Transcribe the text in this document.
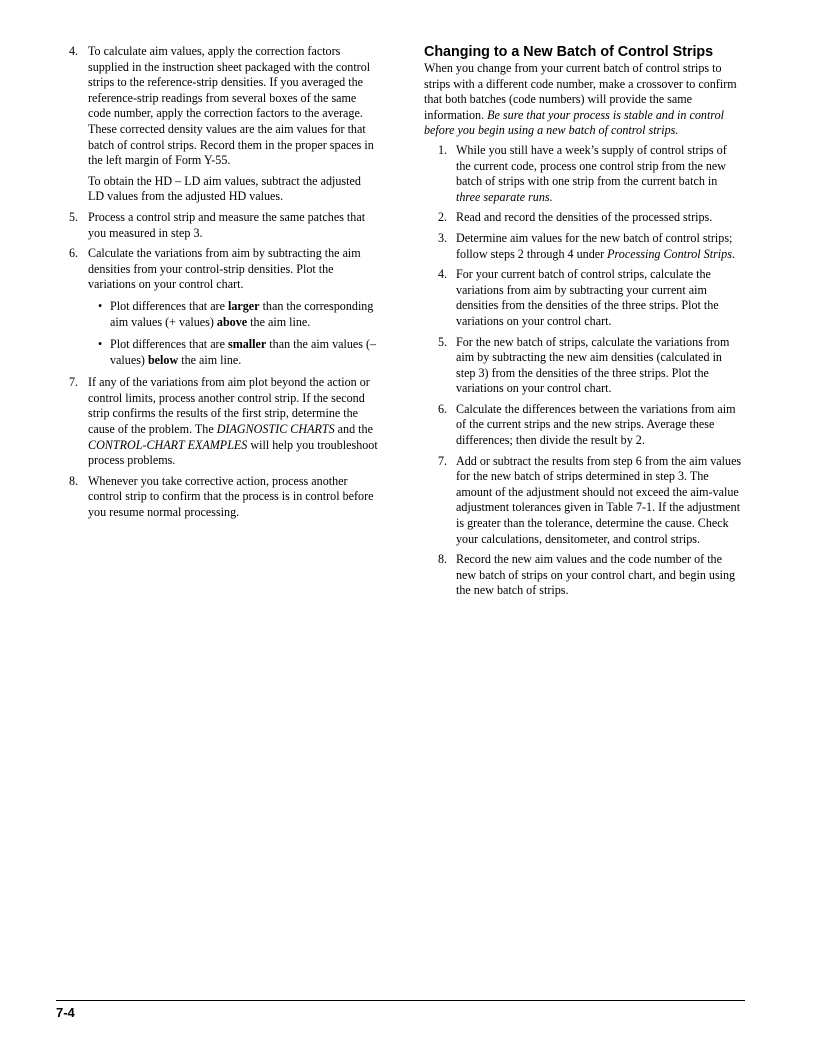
4. To calculate aim values, apply the correction factors supplied in the instruction sheet packaged with the control strips to the reference-strip densities. If you averaged the reference-strip readings from several boxes of the same code number, apply the correction factors to the average. These corrected density values are the aim values for that batch of control strips. Record them in the proper spaces in the left margin of Form Y-55.
To obtain the HD – LD aim values, subtract the adjusted LD values from the adjusted HD values.
5. Process a control strip and measure the same patches that you measured in step 3.
6. Calculate the variations from aim by subtracting the aim densities from your control-strip densities. Plot the variations on your control chart.
• Plot differences that are larger than the corresponding aim values (+ values) above the aim line.
• Plot differences that are smaller than the aim values (– values) below the aim line.
7. If any of the variations from aim plot beyond the action or control limits, process another control strip. If the second strip confirms the results of the first strip, determine the cause of the problem. The DIAGNOSTIC CHARTS and the CONTROL-CHART EXAMPLES will help you troubleshoot process problems.
8. Whenever you take corrective action, process another control strip to confirm that the process is in control before you resume normal processing.
Changing to a New Batch of Control Strips
When you change from your current batch of control strips to strips with a different code number, make a crossover to confirm that both batches (code numbers) will provide the same information. Be sure that your process is stable and in control before you begin using a new batch of control strips.
1. While you still have a week’s supply of control strips of the current code, process one control strip from the new batch of strips with one strip from the current batch in three separate runs.
2. Read and record the densities of the processed strips.
3. Determine aim values for the new batch of control strips; follow steps 2 through 4 under Processing Control Strips.
4. For your current batch of control strips, calculate the variations from aim by subtracting your current aim densities from the densities of the three strips. Plot the variations on your control chart.
5. For the new batch of strips, calculate the variations from aim by subtracting the new aim densities (calculated in step 3) from the densities of the three strips. Plot the variations on your control chart.
6. Calculate the differences between the variations from aim of the current strips and the new strips. Average these differences; then divide the result by 2.
7. Add or subtract the results from step 6 from the aim values for the new batch of strips determined in step 3. The amount of the adjustment should not exceed the aim-value adjustment tolerances given in Table 7-1. If the adjustment is greater than the tolerance, determine the cause. Check your calculations, densitometer, and control strips.
8. Record the new aim values and the code number of the new batch of strips on your control chart, and begin using the new batch of strips.
7-4
